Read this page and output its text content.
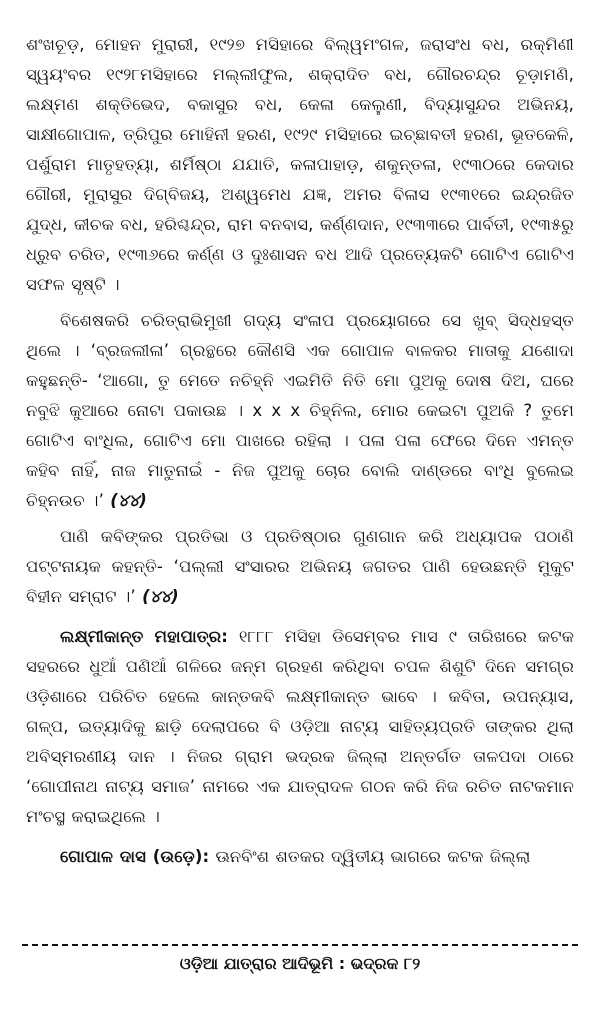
ଶଂଖଚୂଡ଼, ମୋହନ ମୁରାରୀ, ୧୯୨୭ ମସିହାରେ ବିଲ୍ୱମଂଗଳ, ଜରାସଂଧ ବଧ, ରକ୍ମିଣୀ ସ୍ୱୟଂବର ୧୯୨୮ମସିହାରେ ମଲ୍ଲୀଫୁଲ, ଶକ୍ରାଦିତ ବଧ, ଗୌରଚନ୍ଦ୍ର ଚୂଡ଼ାମଣି, ଲକ୍ଷ୍ମଣ ଶକ୍ତିଭେଦ, ବକାସୁର ବଧ, କେଳା କେଲୁଣୀ, ବିଦ୍ୟାସୁନ୍ଦର ଅଭିନୟ, ସାକ୍ଷୀଗୋପାଳ, ତ୍ରିପୁର ମୋହିନୀ ହରଣ, ୧୯୨୯ ମସିହାରେ ଇଚ୍ଛାବତୀ ହରଣ, ଭୂତକେଳି, ପର୍ଶୁରାମ ମାତୃହତ୍ୟା, ଶର୍ମିଷ୍ଠା ଯଯାତି, କଳାପାହାଡ଼, ଶକୁନ୍ତଳା, ୧୯୩୦ରେ କେଦାର ଗୌରୀ, ମୁରାସୁର ଦିଗ୍‌ବିଜୟ, ଅଶ୍ୱମେଧ ଯଜ୍ଞ, ଅମର ବିଳାସ ୧୯୩୧ରେ ଇନ୍ଦ୍ରଜିତ ଯୁଦ୍ଧ, କୀଚକ ବଧ, ହରିଶ୍ଚନ୍ଦ୍ର, ରାମ ବନବାସ, କର୍ଣ୍ଣଦାନ, ୧୯୩୩ରେ ପାର୍ବତୀ, ୧୯୩୫ରୁ ଧ୍ରୁବ ଚରିତ, ୧୯୩୬ରେ କର୍ଣ୍ଣ ଓ ଦୁଃଶାସନ ବଧ ଆଦି ପ୍ରତ୍ୟେକଟି ଗୋଟିଏ ଗୋଟିଏ ସଫଳ ସୃଷ୍ଟି ।

ବିଶେଷକରି ଚରିତ୍ରାଭିମୁଖୀ ଗଦ୍ୟ ସଂଳାପ ପ୍ରୟୋଗରେ ସେ ଖୁବ୍ ସିଦ୍ଧହସ୍ତ ଥିଲେ । ‘ବ୍ରଜଲୀଳା’ ଗ୍ରନ୍ଥରେ କୌଣସି ଏକ ଗୋପାଳ ବାଳକର ମାତାକୁ ଯଶୋଦା କହୁଛନ୍ତି- ‘ଆଗୋ, ତୁ ମେତେ ନଚିହ୍ନି ଏଇମିତି ନିତି ମୋ ପୁଅକୁ ଦୋଷ ଦିଅ, ଘରେ ନବୁଝି କୁଆରେ ନୋଟା ପକାଉଛ । x x x ଚିହ୍ନିଲ, ମୋର କେଇଟା ପୁଅକି ? ତୁମେ ଗୋଟିଏ ବାଂଧିଲ, ଗୋଟିଏ ମୋ ପାଖରେ ରହିଲା । ପଳା ପଳା ଫେରେ ଦିନେ ଏମନ୍ତ କହିବ ନାହିଁ, ନାଜ ମାତୁନାଇଁ - ନିଜ ପୁଅକୁ ଚୋର ବୋଲି ଦାଣ୍ଡରେ ବାଂଧି ବୁଲେଇ ଚିହ୍ନଉଚ ।’ (୪୪)

ପାଣି କବିଙ୍କର ପ୍ରତିଭା ଓ ପ୍ରତିଷ୍ଠାର ଗୁଣଗାନ କରି ଅଧ୍ୟାପକ ପଠାଣି ପଟ୍ଟନାୟକ କହନ୍ତି- ‘ପଲ୍ଲୀ ସଂସାରର ଅଭିନୟ ଜଗତର ପାଣି ହେଉଛନ୍ତି ମୁକୁଟ ବିହୀନ ସମ୍ରାଟ ।’ (୪୪)

ଲକ୍ଷ୍ମୀକାନ୍ତ ମହାପାତ୍ର: ୧୮୮୮ ମସିହା ଡିସେମ୍ବର ମାସ ୯ ତାରିଖରେ କଟକ ସହରରେ ଧୁଆଁ ପଣିଆଁ ଗଳିରେ ଜନ୍ମ ଗ୍ରହଣ କରିଥିବା ଚପଳ ଶିଶୁଟି ଦିନେ ସମଗ୍ର ଓଡ଼ିଶାରେ ପରିଚିତ ହେଲେ କାନ୍ତକବି ଲକ୍ଷ୍ମୀକାନ୍ତ ଭାବେ । କବିତା, ଉପନ୍ୟାସ, ଗଳ୍ପ, ଇତ୍ୟାଦିକୁ ଛାଡ଼ି ଦେଲାପରେ ବି ଓଡ଼ିଆ ନାଟ୍ୟ ସାହିତ୍ୟପ୍ରତି ତାଙ୍କର ଥିଲା ଅବିସ୍ମରଣୀୟ ଦାନ । ନିଜର ଗ୍ରାମ ଭଦ୍ରକ ଜିଲ୍ଲା ଅନ୍ତର୍ଗତ ତାଳପଦା ଠାରେ ‘ଗୋପୀନାଥ ନାଟ୍ୟ ସମାଜ’ ନାମରେ ଏକ ଯାତ୍ରାଦଳ ଗଠନ କରି ନିଜ ରଚିତ ନାଟକମାନ ମଂଚସ୍ଥ କରାଇଥିଲେ ।

ଗୋପାଳ ଦାସ (ଉଡ଼େ): ଊନବିଂଶ ଶତକର ଦ୍ୱିତୀୟ ଭାଗରେ କଟକ ଜିଲ୍ଲା

ଓଡ଼ିଆ ଯାତ୍ରାର ଆଦିଭୂମି : ଭଦ୍ରକ ୮୨
